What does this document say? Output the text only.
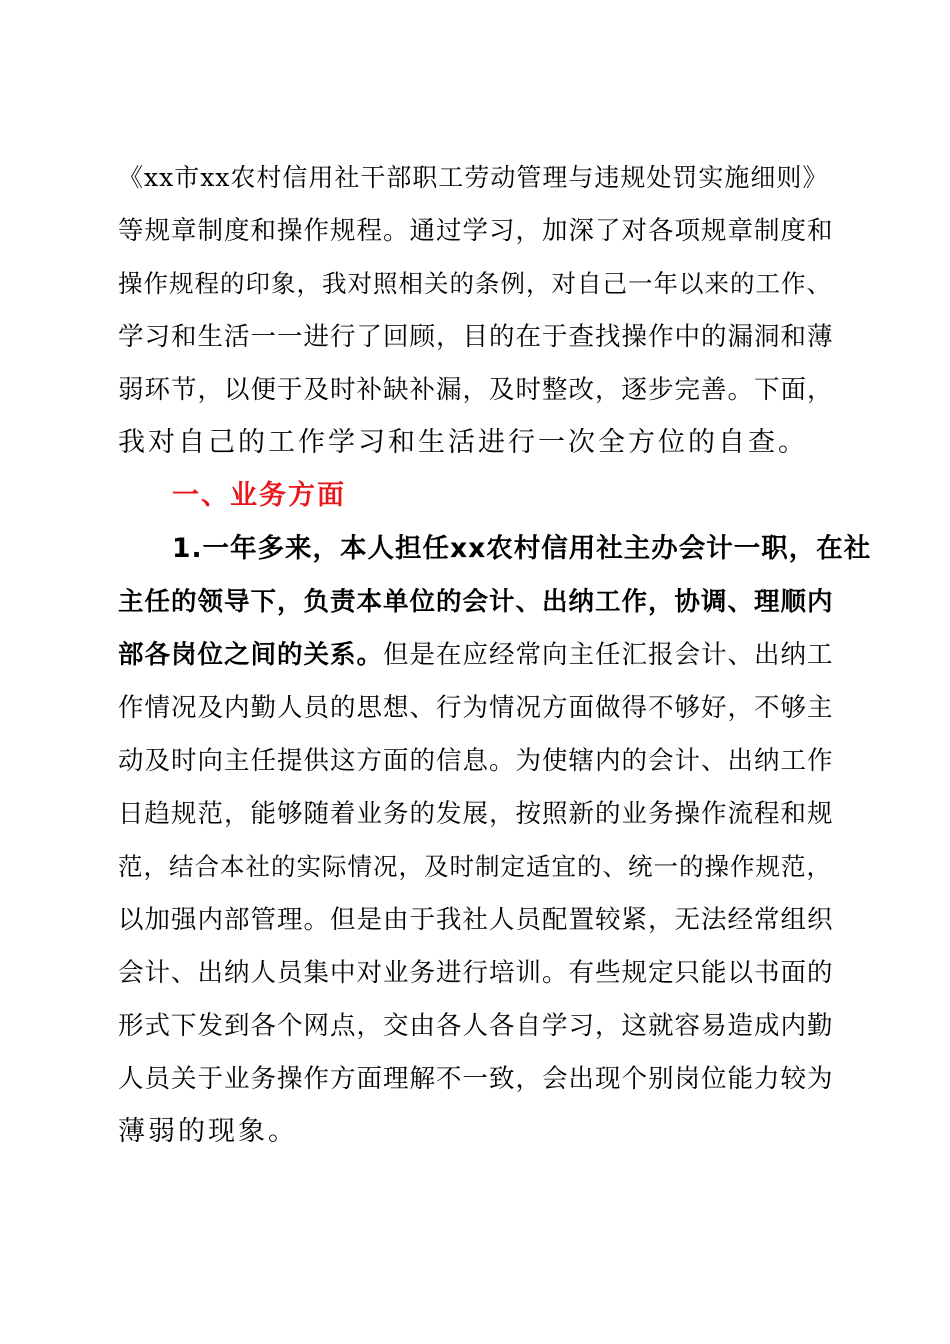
《xx市xx农村信用社干部职工劳动管理与违规处罚实施细则》
等规章制度和操作规程。通过学习，加深了对各项规章制度和
操作规程的印象，我对照相关的条例，对自己一年以来的工作、
学习和生活一一进行了回顾，目的在于查找操作中的漏洞和薄
弱环节，以便于及时补缺补漏，及时整改，逐步完善。下面，
我对自己的工作学习和生活进行一次全方位的自查。
一、业务方面
1.一年多来，本人担任xx农村信用社主办会计一职，在社
主任的领导下，负责本单位的会计、出纳工作，协调、理顺内
部各岗位之间的关系。但是在应经常向主任汇报会计、出纳工
作情况及内勤人员的思想、行为情况方面做得不够好，不够主
动及时向主任提供这方面的信息。为使辖内的会计、出纳工作
日趋规范，能够随着业务的发展，按照新的业务操作流程和规
范，结合本社的实际情况，及时制定适宜的、统一的操作规范，
以加强内部管理。但是由于我社人员配置较紧，无法经常组织
会计、出纳人员集中对业务进行培训。有些规定只能以书面的
形式下发到各个网点，交由各人各自学习，这就容易造成内勤
人员关于业务操作方面理解不一致，会出现个别岗位能力较为
薄弱的现象。
